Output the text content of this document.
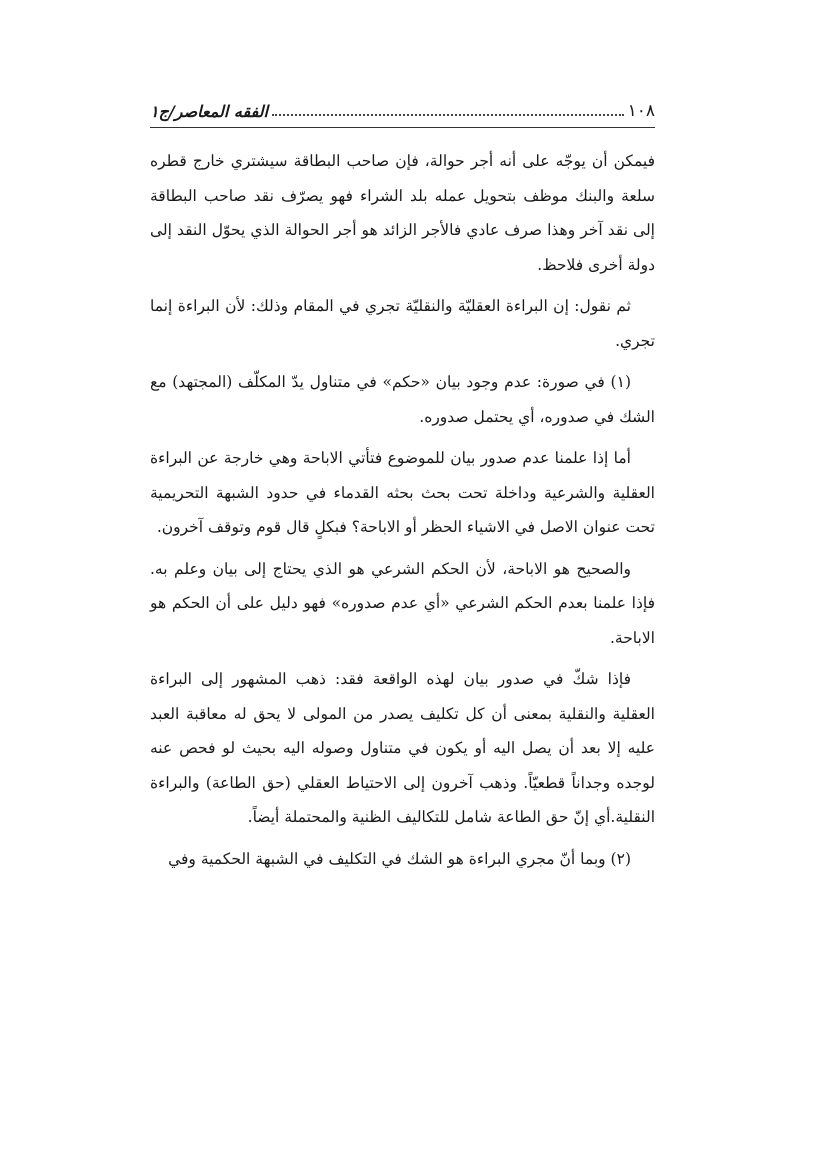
١٠٨
الفقه المعاصر/ج١

فيمكن أن يوجّه على أنه أجر حوالة، فإن صاحب البطاقة سيشتري خارج قطره سلعة والبنك موظف بتحويل عمله بلد الشراء فهو يصرّف نقد صاحب البطاقة إلى نقد آخر وهذا صرف عادي فالأجر الزائد هو أجر الحوالة الذي يحوّل النقد إلى دولة أخرى فلاحظ.

ثم نقول: إن البراءة العقليّة والنقليّة تجري في المقام وذلك: لأن البراءة إنما تجري.

(١) في صورة: عدم وجود بيان «حكم» في متناول يدّ المكلّف (المجتهد) مع الشك في صدوره، أي يحتمل صدوره.

أما إذا علمنا عدم صدور بيان للموضوع فتأتي الاباحة وهي خارجة عن البراءة العقلية والشرعية وداخلة تحت بحث بحثه القدماء في حدود الشبهة التحريمية تحت عنوان الاصل في الاشياء الحظر أو الاباحة؟ فبكلٍ قال قوم وتوقف آخرون.

والصحيح هو الاباحة، لأن الحكم الشرعي هو الذي يحتاج إلى بيان وعلم به. فإذا علمنا بعدم الحكم الشرعي «أي عدم صدوره» فهو دليل على أن الحكم هو الاباحة.

فإذا شكّ في صدور بيان لهذه الواقعة فقد: ذهب المشهور إلى البراءة العقلية والنقلية بمعنى أن كل تكليف يصدر من المولى لا يحق له معاقبة العبد عليه إلا بعد أن يصل اليه أو يكون في متناول وصوله اليه بحيث لو فحص عنه لوجده وجداناً قطعيّاً. وذهب آخرون إلى الاحتياط العقلي (حق الطاعة) والبراءة النقلية.أي إنّ حق الطاعة شامل للتكاليف الظنية والمحتملة أيضاً.

(٢) وبما أنّ مجري البراءة هو الشك في التكليف في الشبهة الحكمية وفي
